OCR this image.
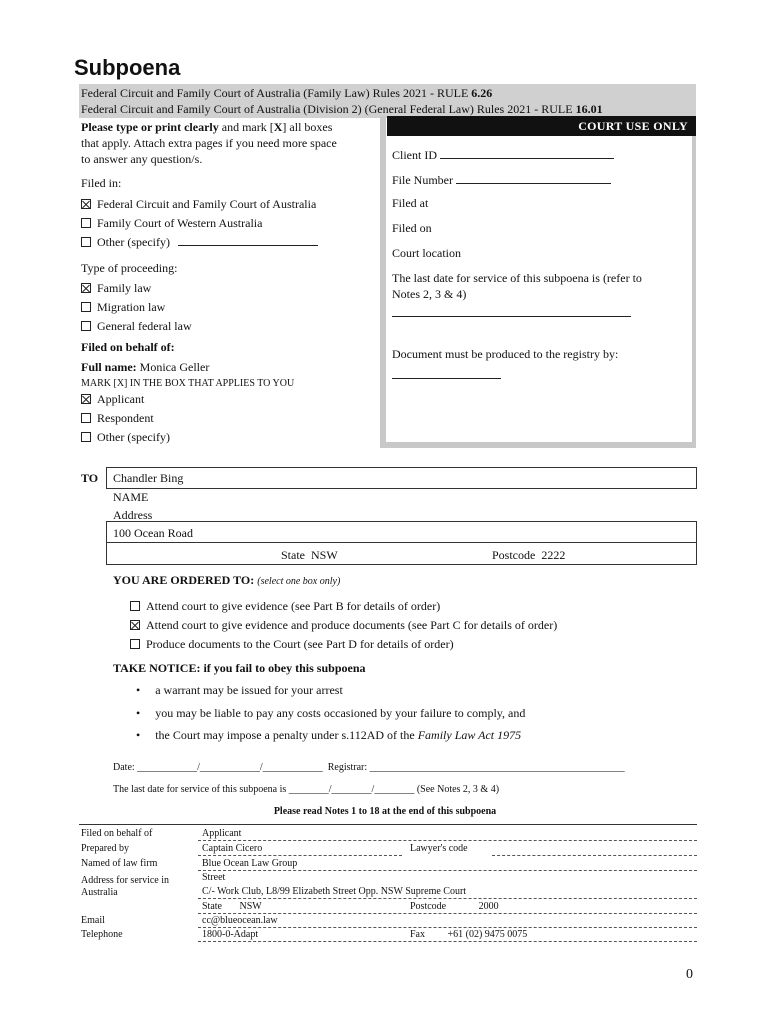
Subpoena
Federal Circuit and Family Court of Australia (Family Law) Rules 2021 - RULE 6.26
Federal Circuit and Family Court of Australia (Division 2) (General Federal Law) Rules 2021 - RULE 16.01
Please type or print clearly and mark [X] all boxes
that apply. Attach extra pages if you need more space
to answer any question/s.
Filed in:
Federal Circuit and Family Court of Australia
Family Court of Western Australia
Other (specify)
Type of proceeding:
Family law
Migration law
General federal law
Filed on behalf of:
Full name: Monica Geller
MARK [X] IN THE BOX THAT APPLIES TO YOU
Applicant
Respondent
Other (specify)
COURT USE ONLY
Client ID
File Number
Filed at
Filed on
Court location
The last date for service of this subpoena is (refer to
Notes 2, 3 & 4)
Document must be produced to the registry by:
TO Chandler Bing
NAME
Address
100 Ocean Road
State NSW	Postcode 2222
YOU ARE ORDERED TO: (select one box only)
Attend court to give evidence (see Part B for details of order)
Attend court to give evidence and produce documents (see Part C for details of order)
Produce documents to the Court (see Part D for details of order)
TAKE NOTICE: if you fail to obey this subpoena
•     a warrant may be issued for your arrest
•     you may be liable to pay any costs occasioned by your failure to comply, and
•     the Court may impose a penalty under s.112AD of the Family Law Act 1975
Date: ____________/____________/____________ Registrar: ___________________________________________________
The last date for service of this subpoena is ________/________/________ (See Notes 2, 3 & 4)
Please read Notes 1 to 18 at the end of this subpoena
Filed on behalf of	Applicant
Prepared by	Captain Cicero	Lawyer's code
Named of law firm	Blue Ocean Law Group
Address for service in
Australia
Street
C/- Work Club, L8/99 Elizabeth Street Opp. NSW Supreme Court
State NSW	Postcode	2000
Email	cc@blueocean.law
Telephone	1800-0-Adapt	Fax +61 (02) 9475 0075
0
